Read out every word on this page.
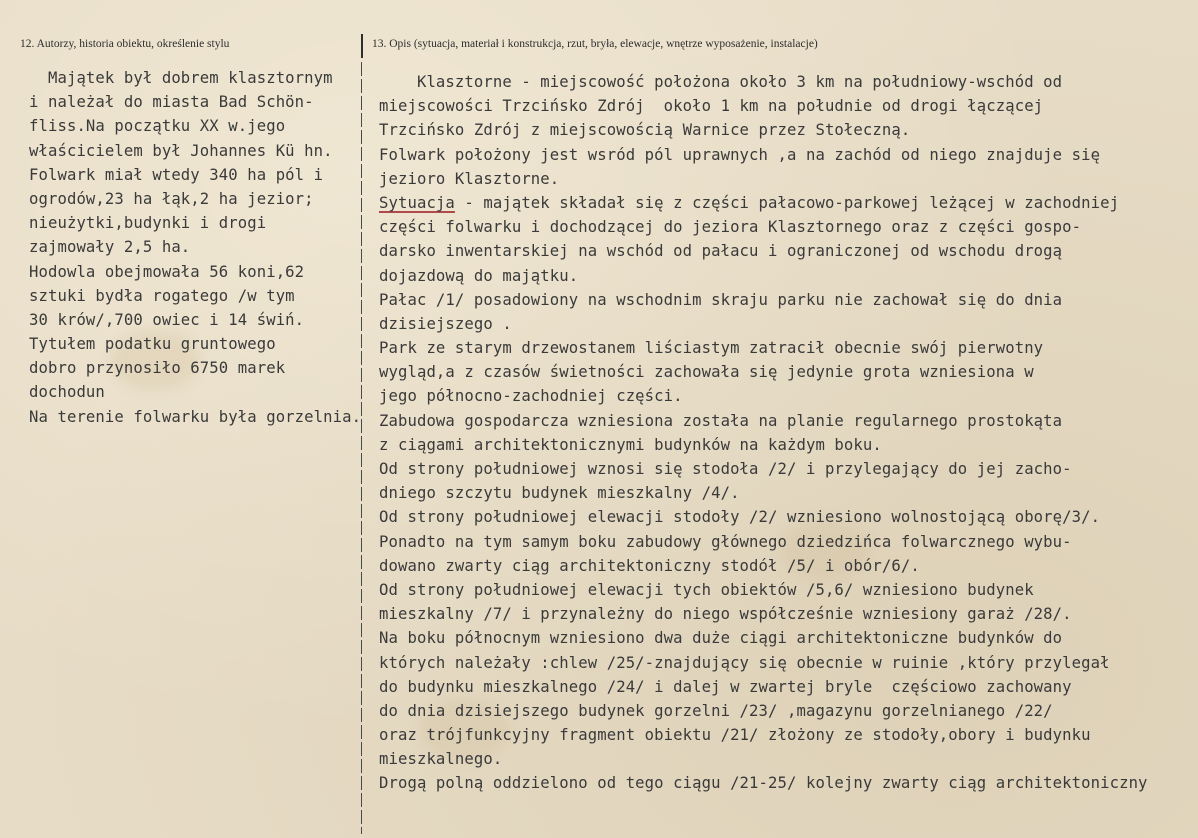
12. Autorzy, historia obiektu, określenie stylu	13. Opis (sytuacja, materiał i konstrukcja, rzut, bryła, elewacje, wnętrze wyposażenie, instalacje)
Majątek był dobrem klasztornym
i należał do miasta Bad Schön-
fliss.Na początku XX w.jego
właścicielem był Johannes Kü hn.
Folwark miał wtedy 340 ha pól i
ogrodów,23 ha łąk,2 ha jezior;
nieużytki,budynki i drogi
zajmowały 2,5 ha.
Hodowla obejmowała 56 koni,62
sztuki bydła rogatego /w tym
30 krów/,700 owiec i 14 świń.
Tytułem podatku gruntowego
dobro przynosiło 6750 marek
dochodun
Na terenie folwarku była gorzelnia.
Klasztorne - miejscowość położona około 3 km na południowy-wschód od
miejscowości Trzcińsko Zdrój  około 1 km na południe od drogi łączącej
Trzcińsko Zdrój z miejscowością Warnice przez Stołeczną.
Folwark położony jest wsród pól uprawnych ,a na zachód od niego znajduje się
jezioro Klasztorne.
Sytuacja - majątek składał się z części pałacowo-parkowej leżącej w zachodniej
części folwarku i dochodzącej do jeziora Klasztornego oraz z części gospo-
darsko inwentarskiej na wschód od pałacu i ograniczonej od wschodu drogą
dojazdową do majątku.
Pałac /1/ posadowiony na wschodnim skraju parku nie zachował się do dnia
dzisiejszego .
Park ze starym drzewostanem liściastym zatracił obecnie swój pierwotny
wygląd,a z czasów świetności zachowała się jedynie grota wzniesiona w
jego północno-zachodniej części.
Zabudowa gospodarcza wzniesiona została na planie regularnego prostokąta
z ciągami architektonicznymi budynków na każdym boku.
Od strony południowej wznosi się stodoła /2/ i przylegający do jej zacho-
dniego szczytu budynek mieszkalny /4/.
Od strony południowej elewacji stodoły /2/ wzniesiono wolnostojącą oborę/3/.
Ponadto na tym samym boku zabudowy głównego dziedzińca folwarcznego wybu-
dowano zwarty ciąg architektoniczny stodół /5/ i obór/6/.
Od strony południowej elewacji tych obiektów /5,6/ wzniesiono budynek
mieszkalny /7/ i przynależny do niego współcześnie wzniesiony garaż /28/.
Na boku północnym wzniesiono dwa duże ciągi architektoniczne budynków do
których należały :chlew /25/-znajdujący się obecnie w ruinie ,który przylegał
do budynku mieszkalnego /24/ i dalej w zwartej bryle  częściowo zachowany
do dnia dzisiejszego budynek gorzelni /23/ ,magazynu gorzelnianego /22/
oraz trójfunkcyjny fragment obiektu /21/ złożony ze stodoły,obory i budynku
mieszkalnego.
Drogą polną oddzielono od tego ciągu /21-25/ kolejny zwarty ciąg architektoniczny
